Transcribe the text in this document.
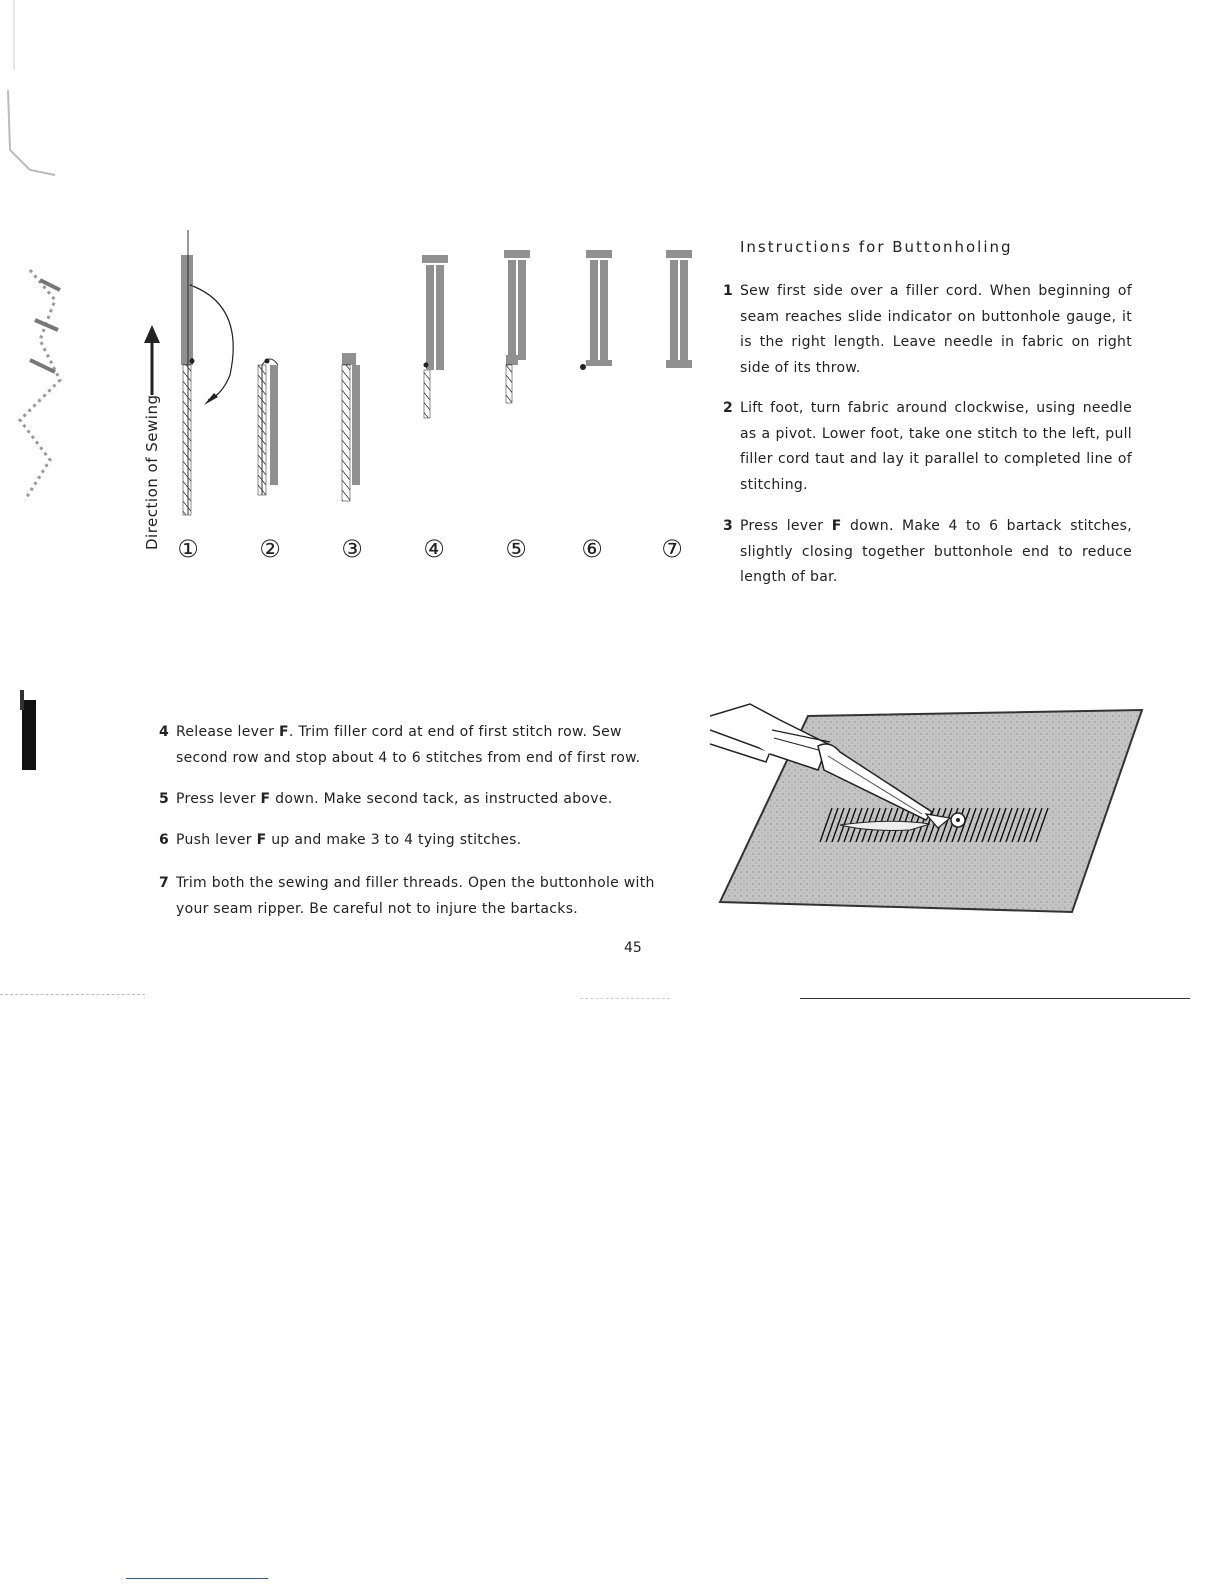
Direction of Sewing ①	②	③	④	⑤ ⑥ ⑦
Instructions for Buttonholing
1 Sew first side over a filler cord. When beginning of seam reaches slide indicator on buttonhole gauge, it is the right length. Leave needle in fabric on right side of its throw.
2 Lift foot, turn fabric around clockwise, using needle as a pivot. Lower foot, take one stitch to the left, pull filler cord taut and lay it parallel to completed line of stitching.
3 Press lever F down. Make 4 to 6 bartack stitches, slightly closing together buttonhole end to reduce length of bar.
4 Release lever F. Trim filler cord at end of first stitch row. Sew second row and stop about 4 to 6 stitches from end of first row.
5 Press lever F down. Make second tack, as instructed above.
6 Push lever F up and make 3 to 4 tying stitches.
7 Trim both the sewing and filler threads. Open the buttonhole with your seam ripper. Be careful not to injure the bartacks.
45
